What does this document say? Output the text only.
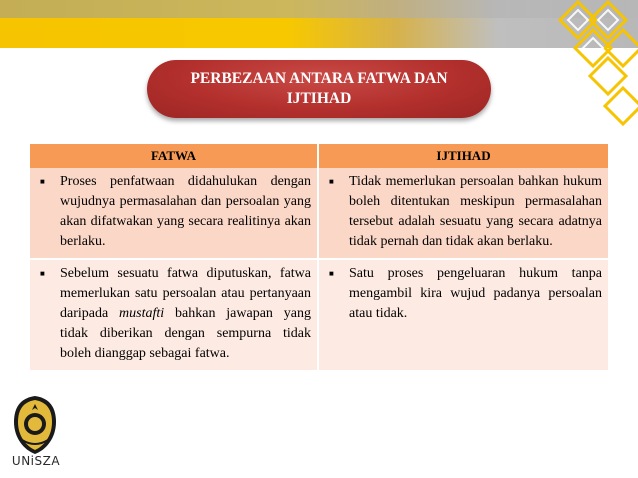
PERBEZAAN ANTARA FATWA DAN IJTIHAD
FATWA	IJTIHAD

■ Proses penfatwaan didahulukan dengan wujudnya permasalahan dan persoalan yang akan difatwakan yang secara realitinya akan berlaku.	■ Tidak memerlukan persoalan bahkan hukum boleh ditentukan meskipun permasalahan tersebut adalah sesuatu yang secara adatnya tidak pernah dan tidak akan berlaku.

■ Sebelum sesuatu fatwa diputuskan, fatwa memerlukan satu persoalan atau pertanyaan daripada mustafti bahkan jawapan yang tidak diberikan dengan sempurna tidak boleh dianggap sebagai fatwa.	■ Satu proses pengeluaran hukum tanpa mengambil kira wujud padanya persoalan atau tidak.
UNiSZA
